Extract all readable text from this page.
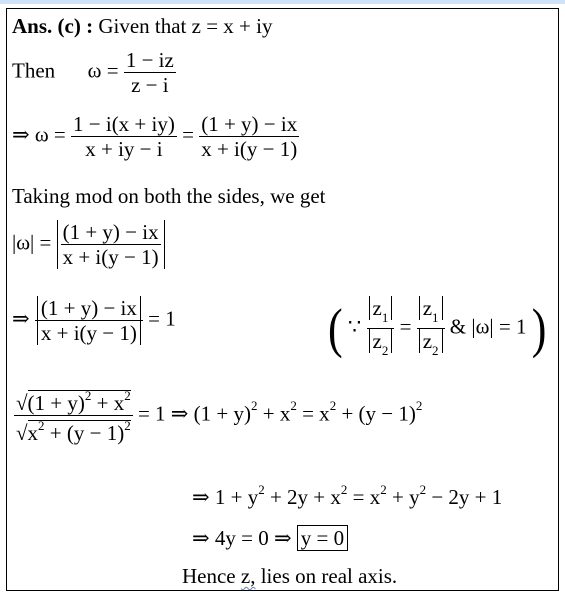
Ans. (c) : Given that z = x + iy
Then $\omega = \frac{1 - iz}{z - i}$
⇒ $\omega = \frac{1 - i(x + iy)}{x + iy - i} = \frac{(1 + y) - ix}{x + i(y - 1)}$
Taking mod on both the sides, we get
$|\omega| = \frac{(1 + y) - ix}{x + i(y - 1)}$
⇒ $\frac{(1 + y) - ix}{x + i(y - 1)} = 1$	( ∵ $\frac{z_1}{z_2} = \frac{z_1}{z_2}$ & |ω| = 1 )
$\frac{√(1 + y)^2 + x^2}{√x^2 + (y - 1)^2} = 1$ ⇒ $(1 + y)^2 + x^2 = x^2 + (y - 1)^2$
⇒ $1 + y^2 + 2y + x^2 = x^2 + y^2 - 2y + 1$
⇒ 4y = 0 ⇒ y = 0
Hence z, lies on real axis.
